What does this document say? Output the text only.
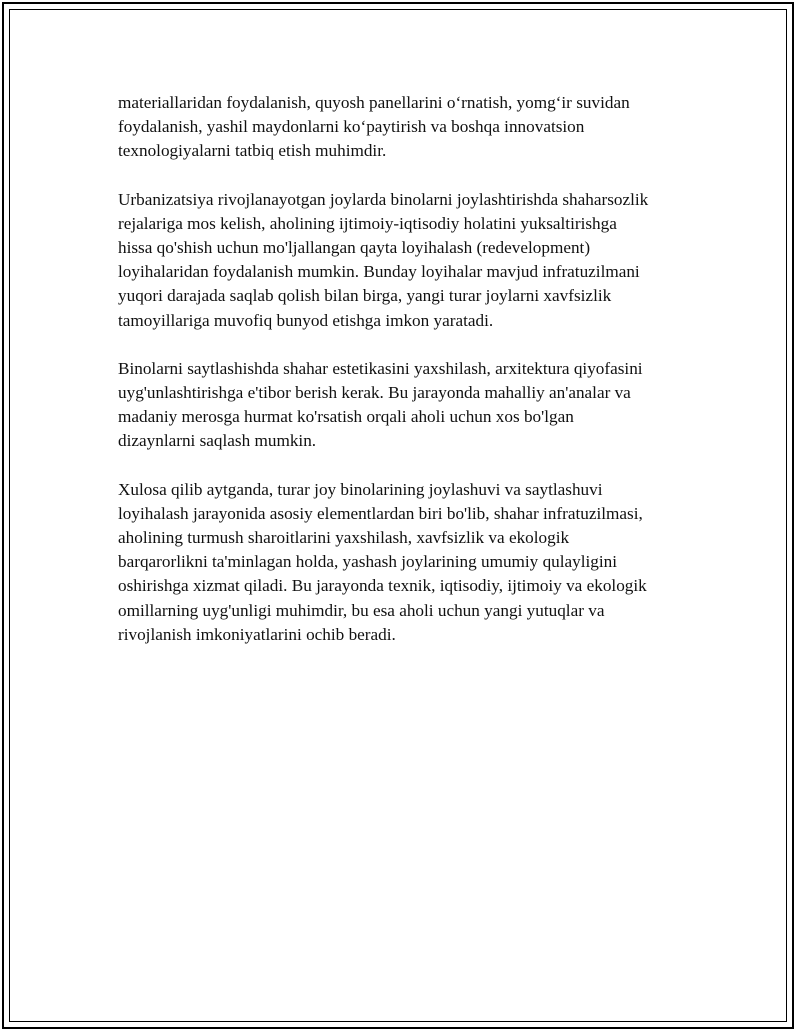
materiallaridan foydalanish, quyosh panellarini o‘rnatish, yomg‘ir suvidan
foydalanish, yashil maydonlarni ko‘paytirish va boshqa innovatsion
texnologiyalarni tatbiq etish muhimdir.

Urbanizatsiya rivojlanayotgan joylarda binolarni joylashtirishda shaharsozlik
rejalariga mos kelish, aholining ijtimoiy-iqtisodiy holatini yuksaltirishga
hissa qo'shish uchun mo'ljallangan qayta loyihalash (redevelopment)
loyihalaridan foydalanish mumkin. Bunday loyihalar mavjud infratuzilmani
yuqori darajada saqlab qolish bilan birga, yangi turar joylarni xavfsizlik
tamoyillariga muvofiq bunyod etishga imkon yaratadi.

Binolarni saytlashishda shahar estetikasini yaxshilash, arxitektura qiyofasini
uyg'unlashtirishga e'tibor berish kerak. Bu jarayonda mahalliy an'analar va
madaniy merosga hurmat ko'rsatish orqali aholi uchun xos bo'lgan
dizaynlarni saqlash mumkin.

Xulosa qilib aytganda, turar joy binolarining joylashuvi va saytlashuvi
loyihalash jarayonida asosiy elementlardan biri bo'lib, shahar infratuzilmasi,
aholining turmush sharoitlarini yaxshilash, xavfsizlik va ekologik
barqarorlikni ta'minlagan holda, yashash joylarining umumiy qulayligini
oshirishga xizmat qiladi. Bu jarayonda texnik, iqtisodiy, ijtimoiy va ekologik
omillarning uyg'unligi muhimdir, bu esa aholi uchun yangi yutuqlar va
rivojlanish imkoniyatlarini ochib beradi.
